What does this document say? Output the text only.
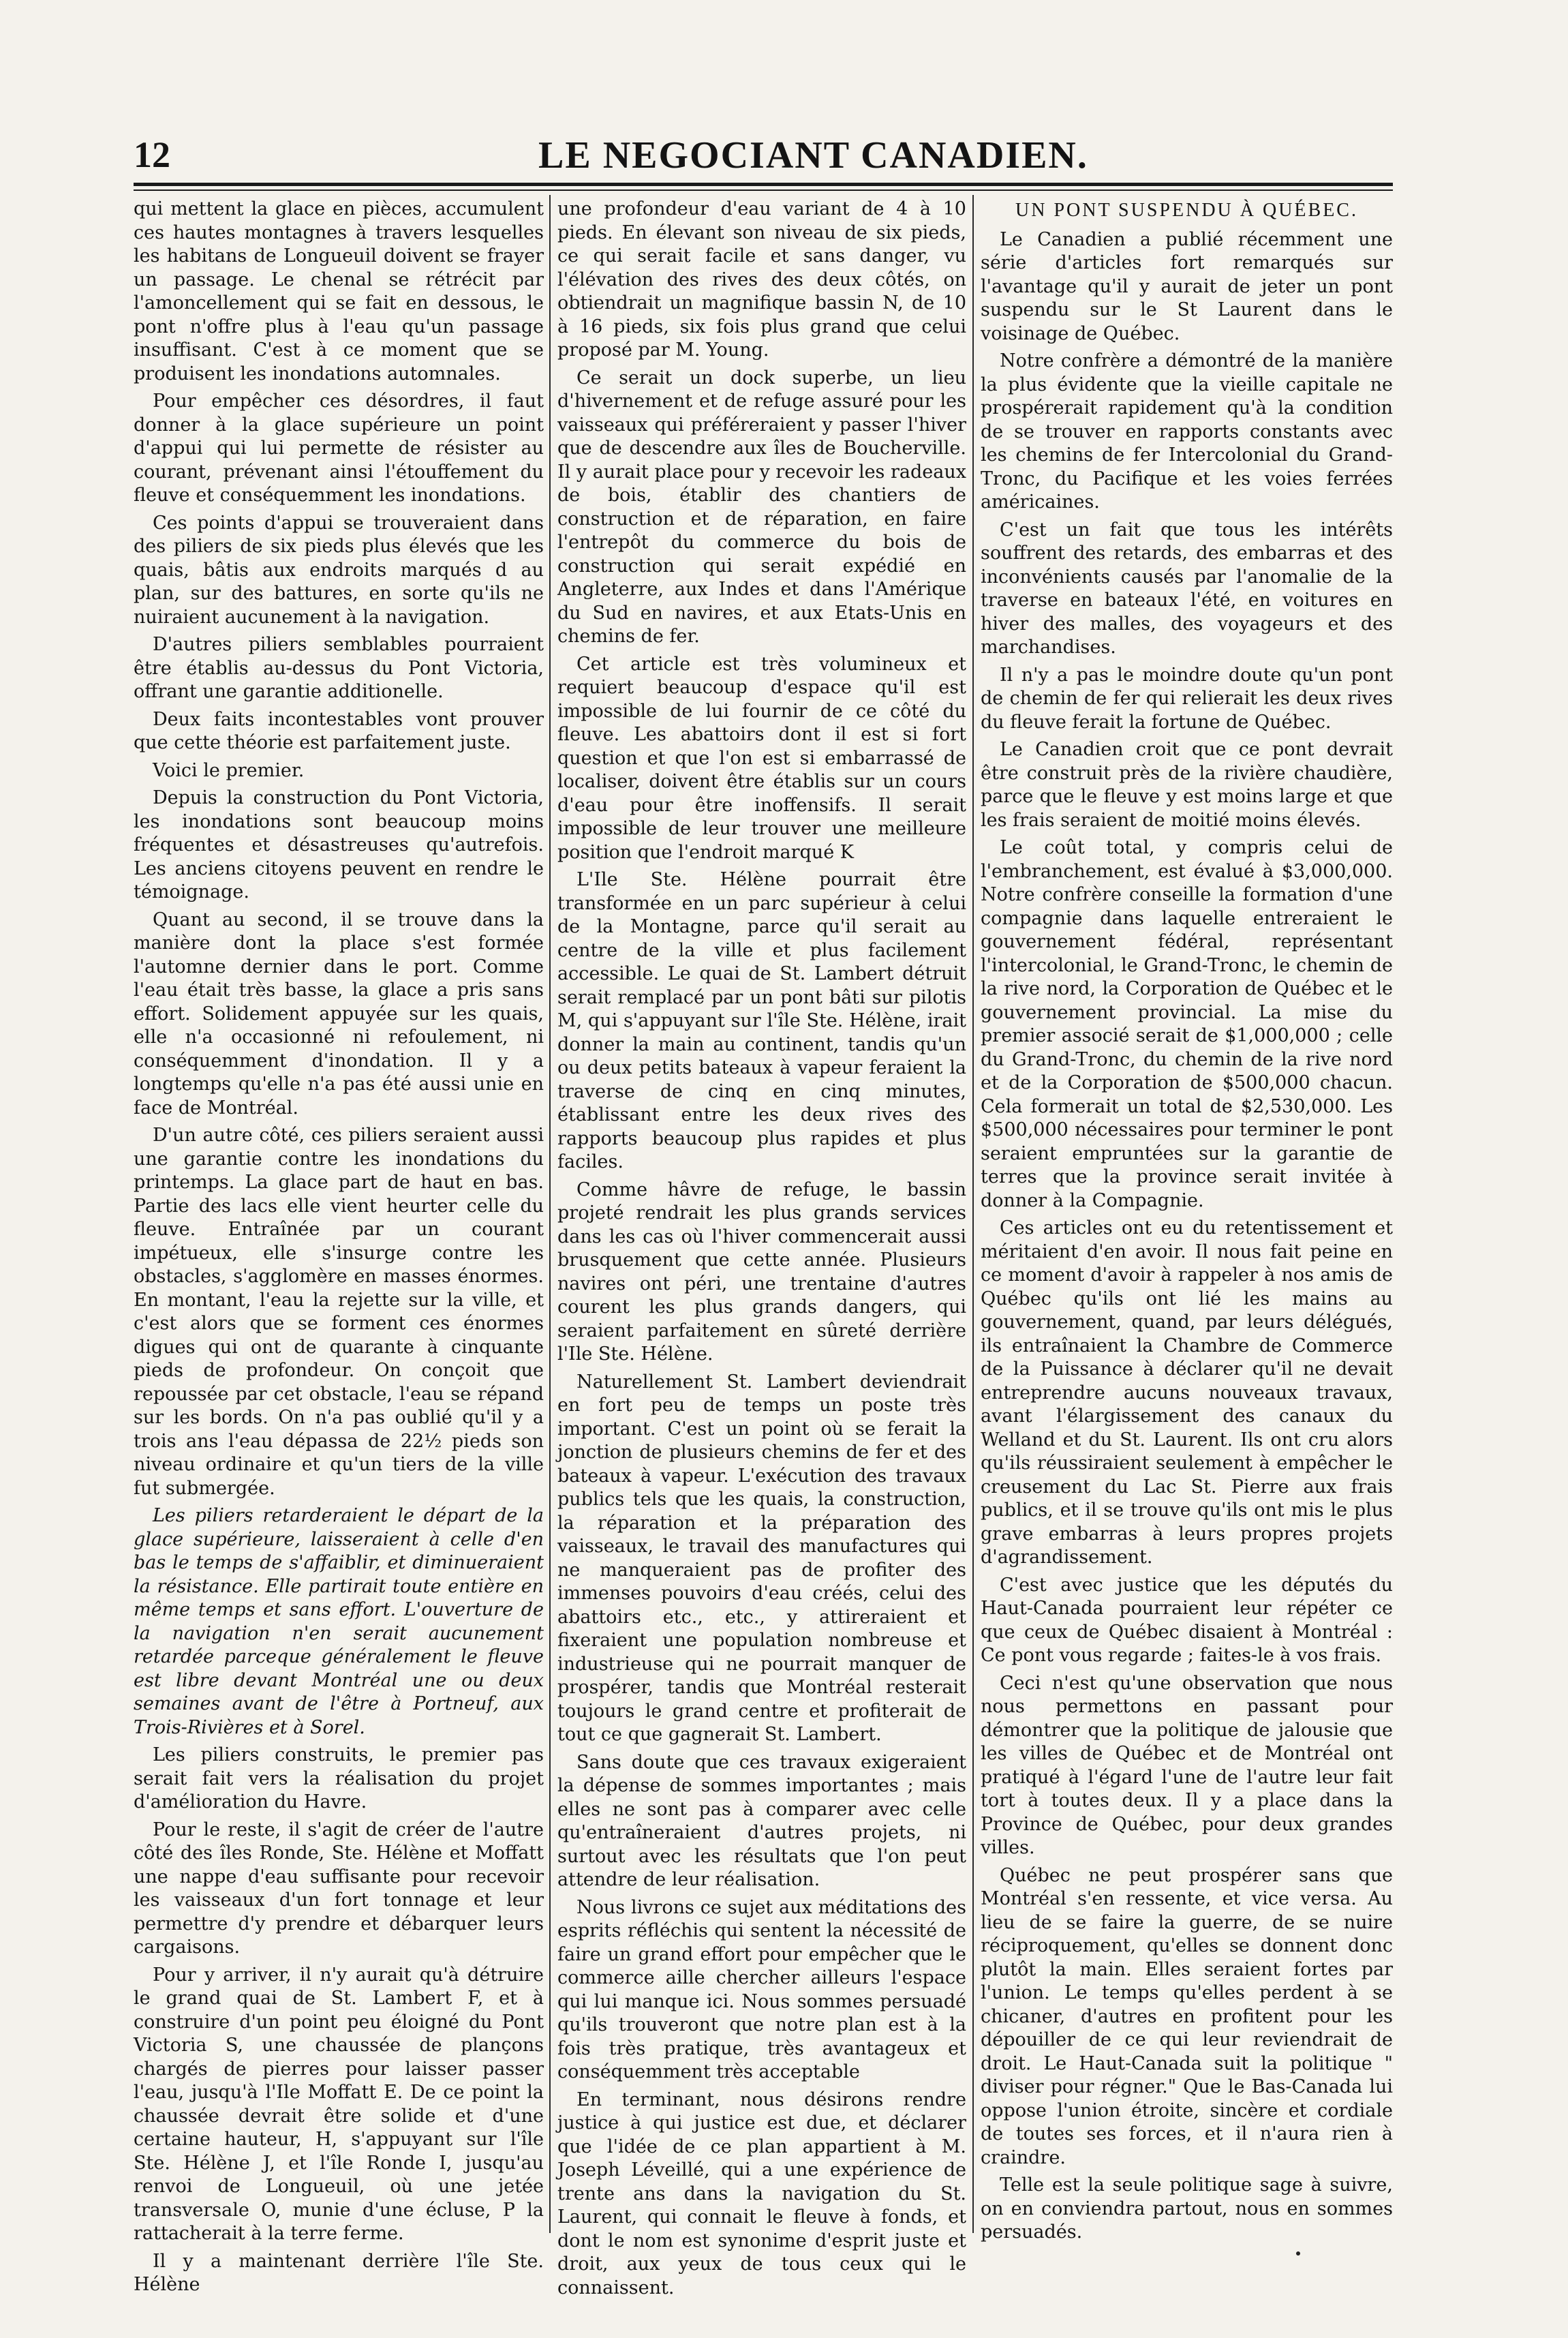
12	LE NEGOCIANT CANADIEN.

qui mettent la glace en pièces, accumulent ces hautes montagnes à travers lesquelles les habitans de Longueuil doivent se frayer un passage. Le chenal se rétrécit par l'amoncellement qui se fait en dessous, le pont n'offre plus à l'eau qu'un passage insuffisant. C'est à ce moment que se produisent les inondations automnales.

Pour empêcher ces désordres, il faut donner à la glace supérieure un point d'appui qui lui permette de résister au courant, prévenant ainsi l'étouffement du fleuve et conséquemment les inondations.

Ces points d'appui se trouveraient dans des piliers de six pieds plus élevés que les quais, bâtis aux endroits marqués d au plan, sur des battures, en sorte qu'ils ne nuiraient aucunement à la navigation.

D'autres piliers semblables pourraient être établis au-dessus du Pont Victoria, offrant une garantie additionelle.

Deux faits incontestables vont prouver que cette théorie est parfaitement juste.

Voici le premier.

Depuis la construction du Pont Victoria, les inondations sont beaucoup moins fréquentes et désastreuses qu'autrefois. Les anciens citoyens peuvent en rendre le témoignage.

Quant au second, il se trouve dans la manière dont la place s'est formée l'automne dernier dans le port. Comme l'eau était très basse, la glace a pris sans effort. Solidement appuyée sur les quais, elle n'a occasionné ni refoulement, ni conséquemment d'inondation. Il y a longtemps qu'elle n'a pas été aussi unie en face de Montréal.

D'un autre côté, ces piliers seraient aussi une garantie contre les inondations du printemps. La glace part de haut en bas. Partie des lacs elle vient heurter celle du fleuve. Entraînée par un courant impétueux, elle s'insurge contre les obstacles, s'agglomère en masses énormes. En montant, l'eau la rejette sur la ville, et c'est alors que se forment ces énormes digues qui ont de quarante à cinquante pieds de profondeur. On conçoit que repoussée par cet obstacle, l'eau se répand sur les bords. On n'a pas oublié qu'il y a trois ans l'eau dépassa de 22½ pieds son niveau ordinaire et qu'un tiers de la ville fut submergée.

Les piliers retarderaient le départ de la glace supérieure, laisseraient à celle d'en bas le temps de s'affaiblir, et diminueraient la résistance. Elle partirait toute entière en même temps et sans effort. L'ouverture de la navigation n'en serait aucunement retardée parceque généralement le fleuve est libre devant Montréal une ou deux semaines avant de l'être à Portneuf, aux Trois-Rivières et à Sorel.

Les piliers construits, le premier pas serait fait vers la réalisation du projet d'amélioration du Havre.

Pour le reste, il s'agit de créer de l'autre côté des îles Ronde, Ste. Hélène et Moffatt une nappe d'eau suffisante pour recevoir les vaisseaux d'un fort tonnage et leur permettre d'y prendre et débarquer leurs cargaisons.

Pour y arriver, il n'y aurait qu'à détruire le grand quai de St. Lambert F, et à construire d'un point peu éloigné du Pont Victoria S, une chaussée de plançons chargés de pierres pour laisser passer l'eau, jusqu'à l'Ile Moffatt E. De ce point la chaussée devrait être solide et d'une certaine hauteur, H, s'appuyant sur l'île Ste. Hélène J, et l'île Ronde I, jusqu'au renvoi de Longueuil, où une jetée transversale O, munie d'une écluse, P la rattacherait à la terre ferme.

Il y a maintenant derrière l'île Ste. Hélène

une profondeur d'eau variant de 4 à 10 pieds. En élevant son niveau de six pieds, ce qui serait facile et sans danger, vu l'élévation des rives des deux côtés, on obtiendrait un magnifique bassin N, de 10 à 16 pieds, six fois plus grand que celui proposé par M. Young.

Ce serait un dock superbe, un lieu d'hivernement et de refuge assuré pour les vaisseaux qui préféreraient y passer l'hiver que de descendre aux îles de Boucherville. Il y aurait place pour y recevoir les radeaux de bois, établir des chantiers de construction et de réparation, en faire l'entrepôt du commerce du bois de construction qui serait expédié en Angleterre, aux Indes et dans l'Amérique du Sud en navires, et aux Etats-Unis en chemins de fer.

Cet article est très volumineux et requiert beaucoup d'espace qu'il est impossible de lui fournir de ce côté du fleuve. Les abattoirs dont il est si fort question et que l'on est si embarrassé de localiser, doivent être établis sur un cours d'eau pour être inoffensifs. Il serait impossible de leur trouver une meilleure position que l'endroit marqué K

L'Ile Ste. Hélène pourrait être transformée en un parc supérieur à celui de la Montagne, parce qu'il serait au centre de la ville et plus facilement accessible. Le quai de St. Lambert détruit serait remplacé par un pont bâti sur pilotis M, qui s'appuyant sur l'île Ste. Hélène, irait donner la main au continent, tandis qu'un ou deux petits bateaux à vapeur feraient la traverse de cinq en cinq minutes, établissant entre les deux rives des rapports beaucoup plus rapides et plus faciles.

Comme hâvre de refuge, le bassin projeté rendrait les plus grands services dans les cas où l'hiver commencerait aussi brusquement que cette année. Plusieurs navires ont péri, une trentaine d'autres courent les plus grands dangers, qui seraient parfaitement en sûreté derrière l'Ile Ste. Hélène.

Naturellement St. Lambert deviendrait en fort peu de temps un poste très important. C'est un point où se ferait la jonction de plusieurs chemins de fer et des bateaux à vapeur. L'exécution des travaux publics tels que les quais, la construction, la réparation et la préparation des vaisseaux, le travail des manufactures qui ne manqueraient pas de profiter des immenses pouvoirs d'eau créés, celui des abattoirs etc., etc., y attireraient et fixeraient une population nombreuse et industrieuse qui ne pourrait manquer de prospérer, tandis que Montréal resterait toujours le grand centre et profiterait de tout ce que gagnerait St. Lambert.

Sans doute que ces travaux exigeraient la dépense de sommes importantes ; mais elles ne sont pas à comparer avec celle qu'entraîneraient d'autres projets, ni surtout avec les résultats que l'on peut attendre de leur réalisation.

Nous livrons ce sujet aux méditations des esprits réfléchis qui sentent la nécessité de faire un grand effort pour empêcher que le commerce aille chercher ailleurs l'espace qui lui manque ici. Nous sommes persuadé qu'ils trouveront que notre plan est à la fois très pratique, très avantageux et conséquemment très acceptable

En terminant, nous désirons rendre justice à qui justice est due, et déclarer que l'idée de ce plan appartient à M. Joseph Léveillé, qui a une expérience de trente ans dans la navigation du St. Laurent, qui connait le fleuve à fonds, et dont le nom est synonime d'esprit juste et droit, aux yeux de tous ceux qui le connaissent.

UN PONT SUSPENDU À QUÉBEC.

Le Canadien a publié récemment une série d'articles fort remarqués sur l'avantage qu'il y aurait de jeter un pont suspendu sur le St Laurent dans le voisinage de Québec.

Notre confrère a démontré de la manière la plus évidente que la vieille capitale ne prospérerait rapidement qu'à la condition de se trouver en rapports constants avec les chemins de fer Intercolonial du Grand-Tronc, du Pacifique et les voies ferrées américaines.

C'est un fait que tous les intérêts souffrent des retards, des embarras et des inconvénients causés par l'anomalie de la traverse en bateaux l'été, en voitures en hiver des malles, des voyageurs et des marchandises.

Il n'y a pas le moindre doute qu'un pont de chemin de fer qui relierait les deux rives du fleuve ferait la fortune de Québec.

Le Canadien croit que ce pont devrait être construit près de la rivière chaudière, parce que le fleuve y est moins large et que les frais seraient de moitié moins élevés.

Le coût total, y compris celui de l'embranchement, est évalué à $3,000,000. Notre confrère conseille la formation d'une compagnie dans laquelle entreraient le gouvernement fédéral, représentant l'intercolonial, le Grand-Tronc, le chemin de la rive nord, la Corporation de Québec et le gouvernement provincial. La mise du premier associé serait de $1,000,000 ; celle du Grand-Tronc, du chemin de la rive nord et de la Corporation de $500,000 chacun. Cela formerait un total de $2,530,000. Les $500,000 nécessaires pour terminer le pont seraient empruntées sur la garantie de terres que la province serait invitée à donner à la Compagnie.

Ces articles ont eu du retentissement et méritaient d'en avoir. Il nous fait peine en ce moment d'avoir à rappeler à nos amis de Québec qu'ils ont lié les mains au gouvernement, quand, par leurs délégués, ils entraînaient la Chambre de Commerce de la Puissance à déclarer qu'il ne devait entreprendre aucuns nouveaux travaux, avant l'élargissement des canaux du Welland et du St. Laurent. Ils ont cru alors qu'ils réussiraient seulement à empêcher le creusement du Lac St. Pierre aux frais publics, et il se trouve qu'ils ont mis le plus grave embarras à leurs propres projets d'agrandissement.

C'est avec justice que les députés du Haut-Canada pourraient leur répéter ce que ceux de Québec disaient à Montréal : Ce pont vous regarde ; faites-le à vos frais.

Ceci n'est qu'une observation que nous nous permettons en passant pour démontrer que la politique de jalousie que les villes de Québec et de Montréal ont pratiqué à l'égard l'une de l'autre leur fait tort à toutes deux. Il y a place dans la Province de Québec, pour deux grandes villes.

Québec ne peut prospérer sans que Montréal s'en ressente, et vice versa. Au lieu de se faire la guerre, de se nuire réciproquement, qu'elles se donnent donc plutôt la main. Elles seraient fortes par l'union. Le temps qu'elles perdent à se chicaner, d'autres en profitent pour les dépouiller de ce qui leur reviendrait de droit. Le Haut-Canada suit la politique " diviser pour régner." Que le Bas-Canada lui oppose l'union étroite, sincère et cordiale de toutes ses forces, et il n'aura rien à craindre.

Telle est la seule politique sage à suivre, on en conviendra partout, nous en sommes persuadés.
